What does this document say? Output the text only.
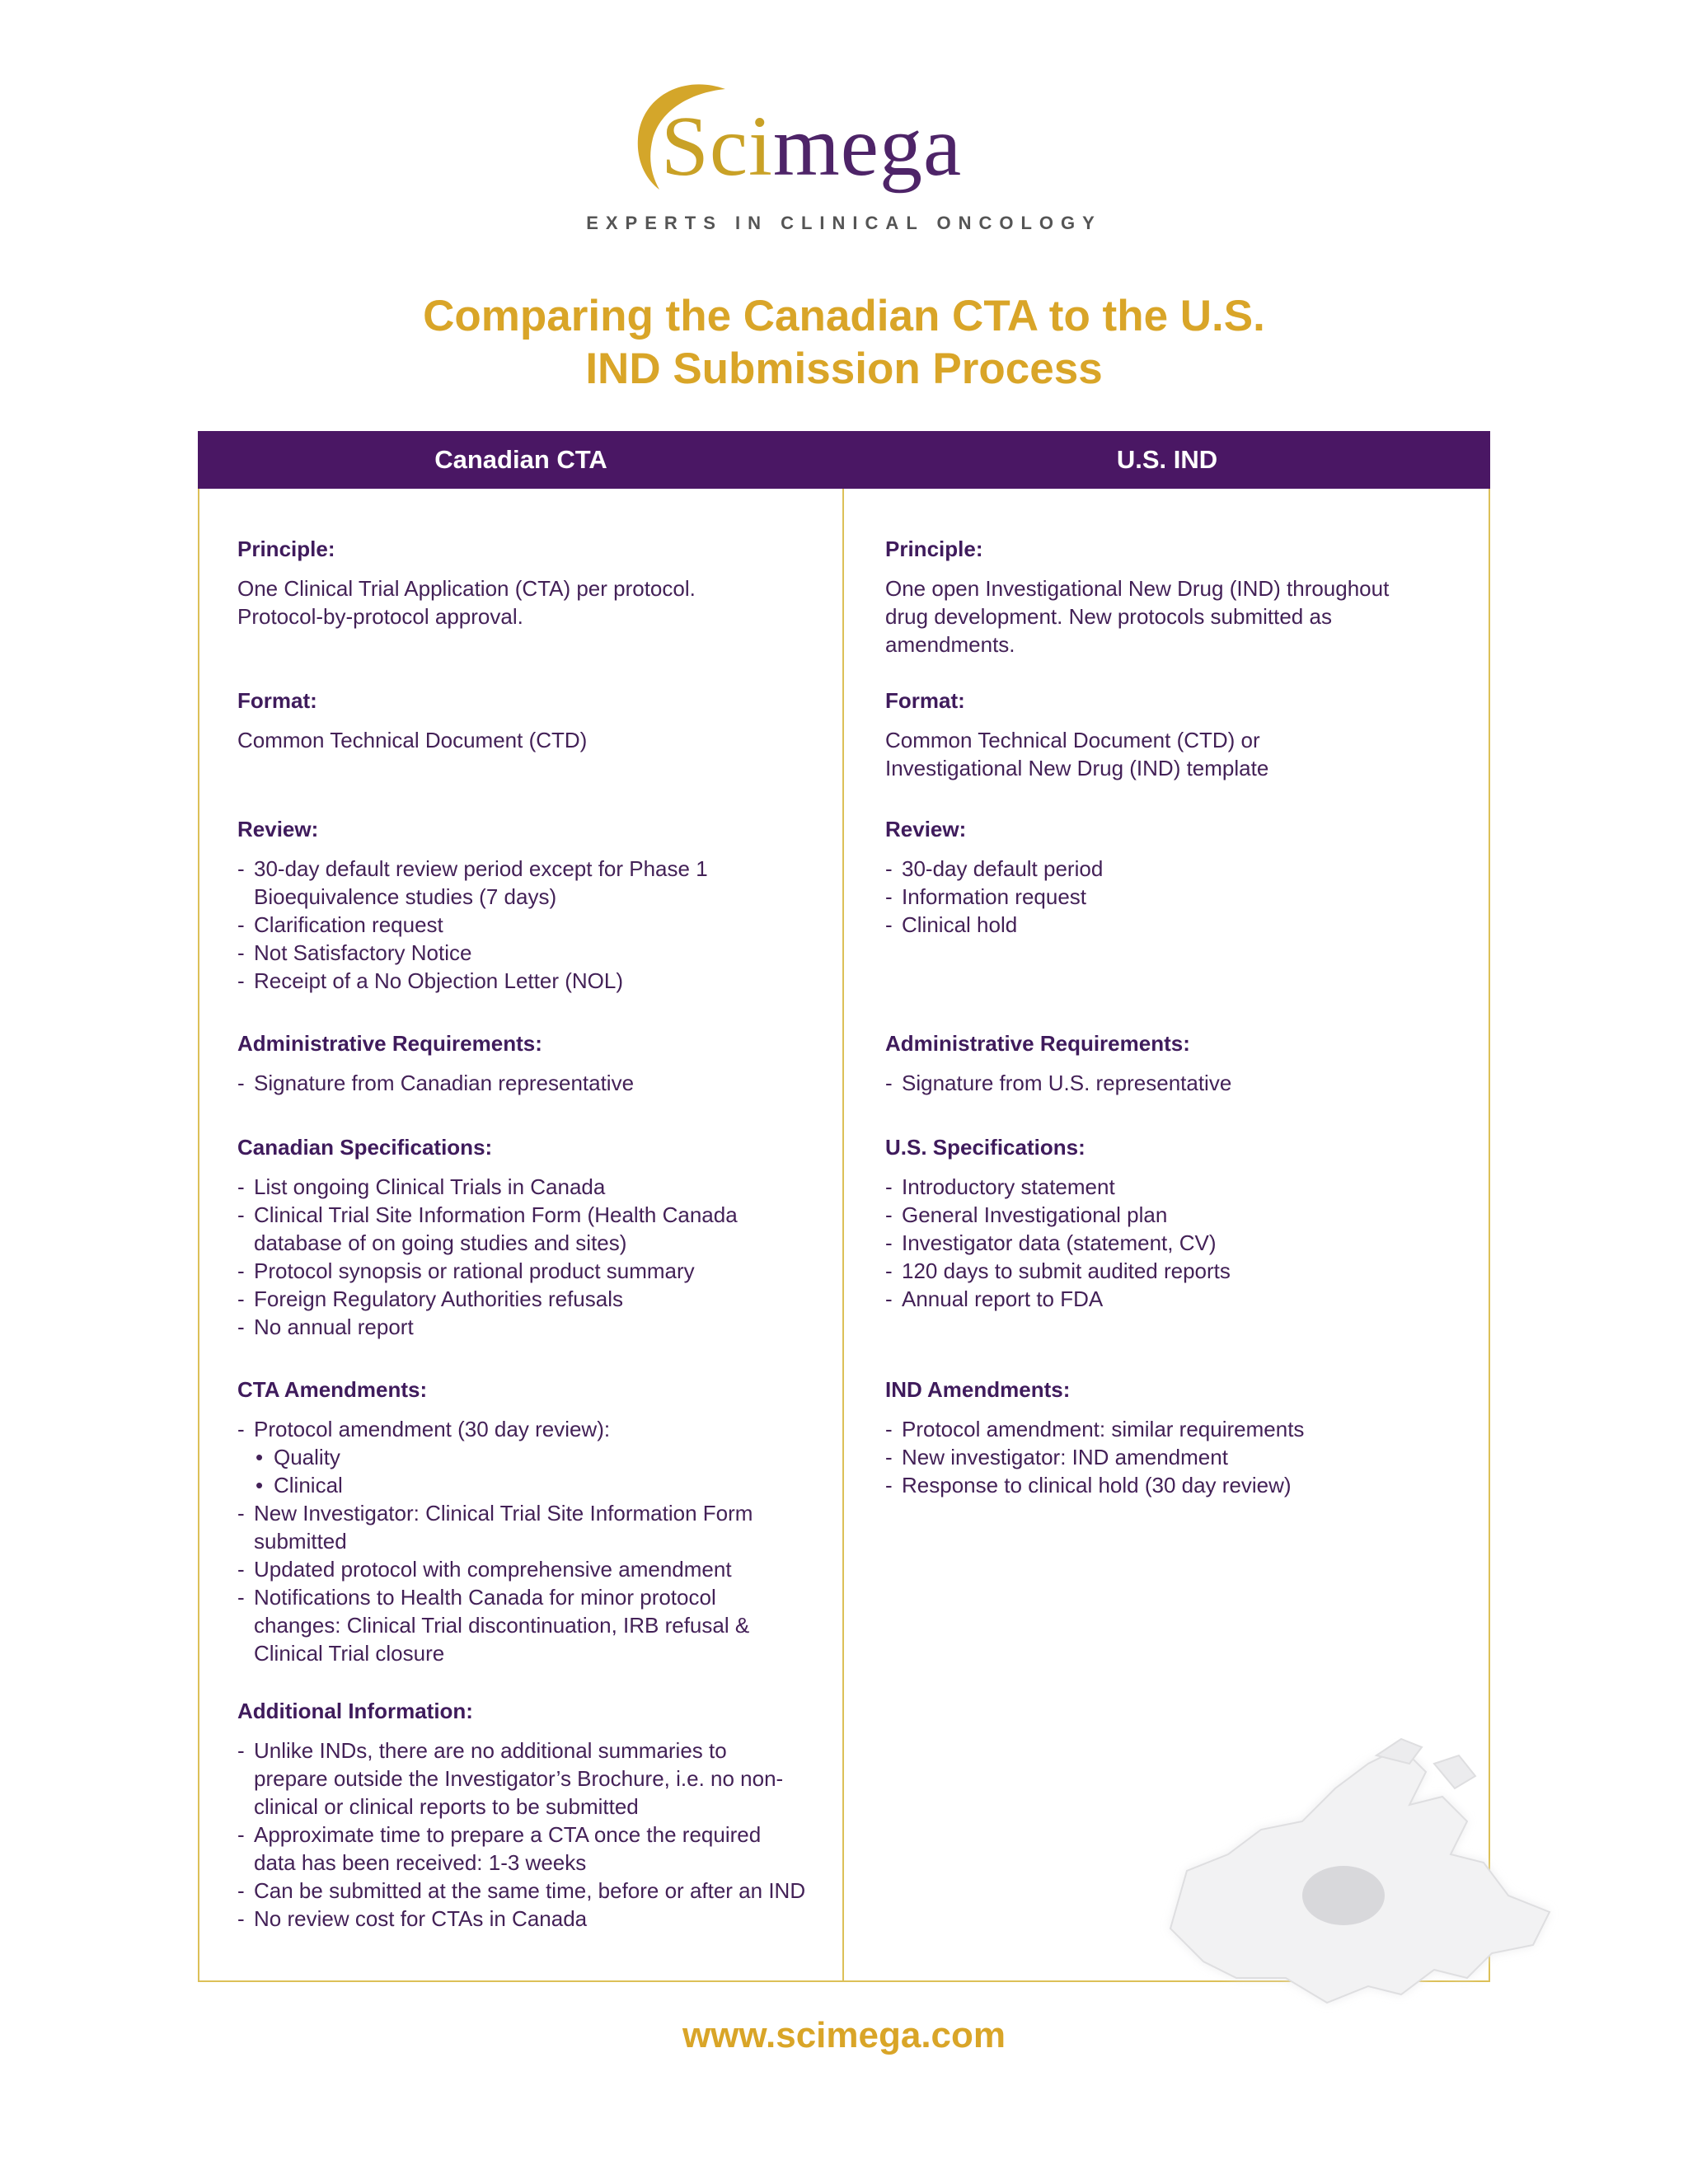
Scimega
EXPERTS IN CLINICAL ONCOLOGY
Comparing the Canadian CTA to the U.S.
IND Submission Process
Canadian CTA	U.S. IND
Principle:

One Clinical Trial Application (CTA) per protocol.

Protocol-by-protocol approval.

Format:

Common Technical Document (CTD)

Review:
- 30-day default review period except for Phase 1 Bioequivalence studies (7 days)
- Clarification request
- Not Satisfactory Notice
- Receipt of a No Objection Letter (NOL)
Administrative Requirements:
- Signature from Canadian representative
Canadian Specifications:
- List ongoing Clinical Trials in Canada
- Clinical Trial Site Information Form (Health Canada database of on going studies and sites)
- Protocol synopsis or rational product summary
- Foreign Regulatory Authorities refusals
- No annual report
CTA Amendments:
- Protocol amendment (30 day review):
• Quality
• Clinical
- New Investigator: Clinical Trial Site Information Form submitted
- Updated protocol with comprehensive amendment
- Notifications to Health Canada for minor protocol changes: Clinical Trial discontinuation, IRB refusal & Clinical Trial closure
Additional Information:
- Unlike INDs, there are no additional summaries to prepare outside the Investigator’s Brochure, i.e. no non-clinical or clinical reports to be submitted
- Approximate time to prepare a CTA once the required data has been received: 1-3 weeks
- Can be submitted at the same time, before or after an IND
- No review cost for CTAs in Canada
Principle:

One open Investigational New Drug (IND) throughout

drug development. New protocols submitted as

amendments.

Format:

Common Technical Document (CTD) or

Investigational New Drug (IND) template

Review:
- 30-day default period
- Information request
- Clinical hold
Administrative Requirements:
- Signature from U.S. representative
U.S. Specifications:
- Introductory statement
- General Investigational plan
- Investigator data (statement, CV)
- 120 days to submit audited reports
- Annual report to FDA
IND Amendments:
- Protocol amendment: similar requirements
- New investigator: IND amendment
- Response to clinical hold (30 day review)
www.scimega.com
